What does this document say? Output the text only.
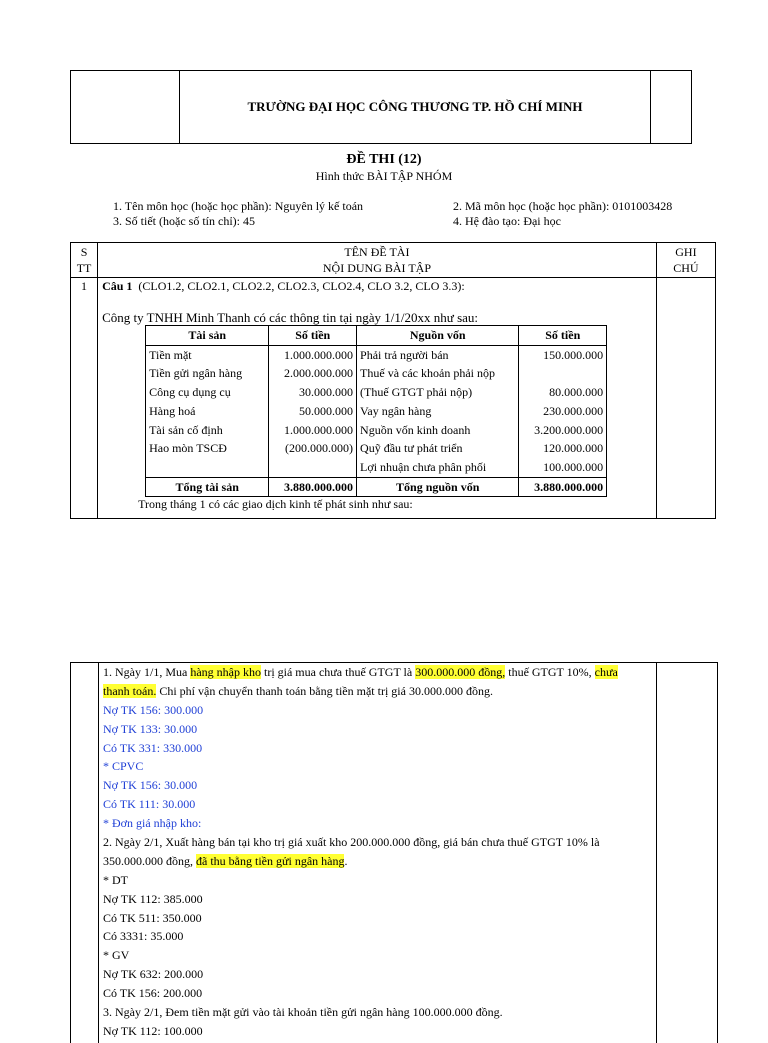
TRƯỜNG ĐẠI HỌC CÔNG THƯƠNG TP. HỒ CHÍ MINH
ĐỀ THI (12)
Hình thức BÀI TẬP NHÓM
1. Tên môn học (hoặc học phần): Nguyên lý kế toán	2. Mã môn học (hoặc học phần): 0101003428
3. Số tiết (hoặc số tín chỉ): 45	4. Hệ đào tạo: Đại học
S
TT

TÊN ĐỀ TÀI
NỘI DUNG BÀI TẬP

GHI
CHÚ

1	Câu 1 (CLO1.2, CLO2.1, CLO2.2, CLO2.3, CLO2.4, CLO 3.2, CLO 3.3):
Công ty TNHH Minh Thanh có các thông tin tại ngày 1/1/20xx như sau:
Tài sản	Số tiền	Nguồn vốn	Số tiền
Tiền mặt	1.000.000.000	Phải trả người bán	150.000.000
Tiền gửi ngân hàng	2.000.000.000	Thuế và các khoản phải nộp	
Công cụ dụng cụ	30.000.000	(Thuế GTGT phải nộp)	80.000.000
Hàng hoá	50.000.000	Vay ngân hàng	230.000.000
Tài sản cố định	1.000.000.000	Nguồn vốn kinh doanh	3.200.000.000
Hao mòn TSCĐ	(200.000.000)	Quỹ đầu tư phát triển	120.000.000
		Lợi nhuận chưa phân phối	100.000.000
Tổng tài sản	3.880.000.000	Tổng nguồn vốn	3.880.000.000
Trong tháng 1 có các giao dịch kinh tế phát sinh như sau:

1. Ngày 1/1, Mua hàng nhập kho trị giá mua chưa thuế GTGT là 300.000.000 đồng, thuế GTGT 10%, chưa
thanh toán. Chi phí vận chuyển thanh toán bằng tiền mặt trị giá 30.000.000 đồng.
Nợ TK 156: 300.000
Nợ TK 133: 30.000
Có TK 331: 330.000
* CPVC
Nợ TK 156: 30.000
Có TK 111: 30.000
* Đơn giá nhập kho:
2. Ngày 2/1, Xuất hàng bán tại kho trị giá xuất kho 200.000.000 đồng, giá bán chưa thuế GTGT 10% là
350.000.000 đồng, đã thu bằng tiền gửi ngân hàng.
* DT
Nợ TK 112: 385.000
Có TK 511: 350.000
Có 3331: 35.000
* GV
Nợ TK 632: 200.000
Có TK 156: 200.000
3. Ngày 2/1, Đem tiền mặt gửi vào tài khoản tiền gửi ngân hàng 100.000.000 đồng.
Nợ TK 112: 100.000
